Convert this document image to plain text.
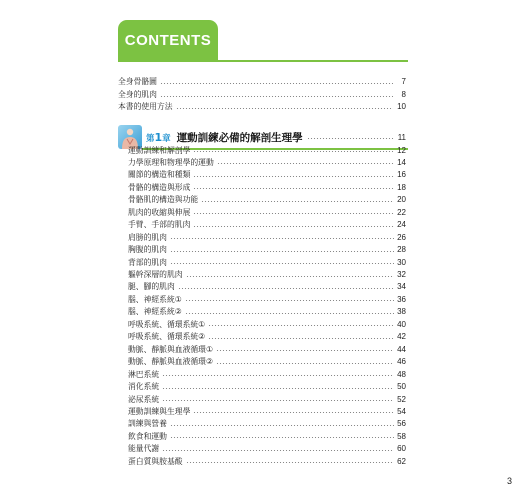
CONTENTS
全身骨骼圖	7
全身的肌肉	8
本書的使用方法	10
第1章 運動訓練必備的解剖生理學	11
運動訓練和解剖學	12
力學原理和物理學的運動	14
關節的構造和種類	16
骨骼的構造與形成	18
骨骼肌的構造與功能	20
肌肉的收縮與伸展	22
手臂、手部的肌肉	24
肩膀的肌肉	26
胸腹的肌肉	28
背部的肌肉	30
軀幹深層的肌肉	32
腿、腳的肌肉	34
腦、神經系統①	36
腦、神經系統②	38
呼吸系統、循環系統①	40
呼吸系統、循環系統②	42
動脈、靜脈與血液循環①	44
動脈、靜脈與血液循環②	46
淋巴系統	48
消化系統	50
泌尿系統	52
運動訓練與生理學	54
訓練與營養	56
飲食和運動	58
能量代謝	60
蛋白質與胺基酸	62
3
